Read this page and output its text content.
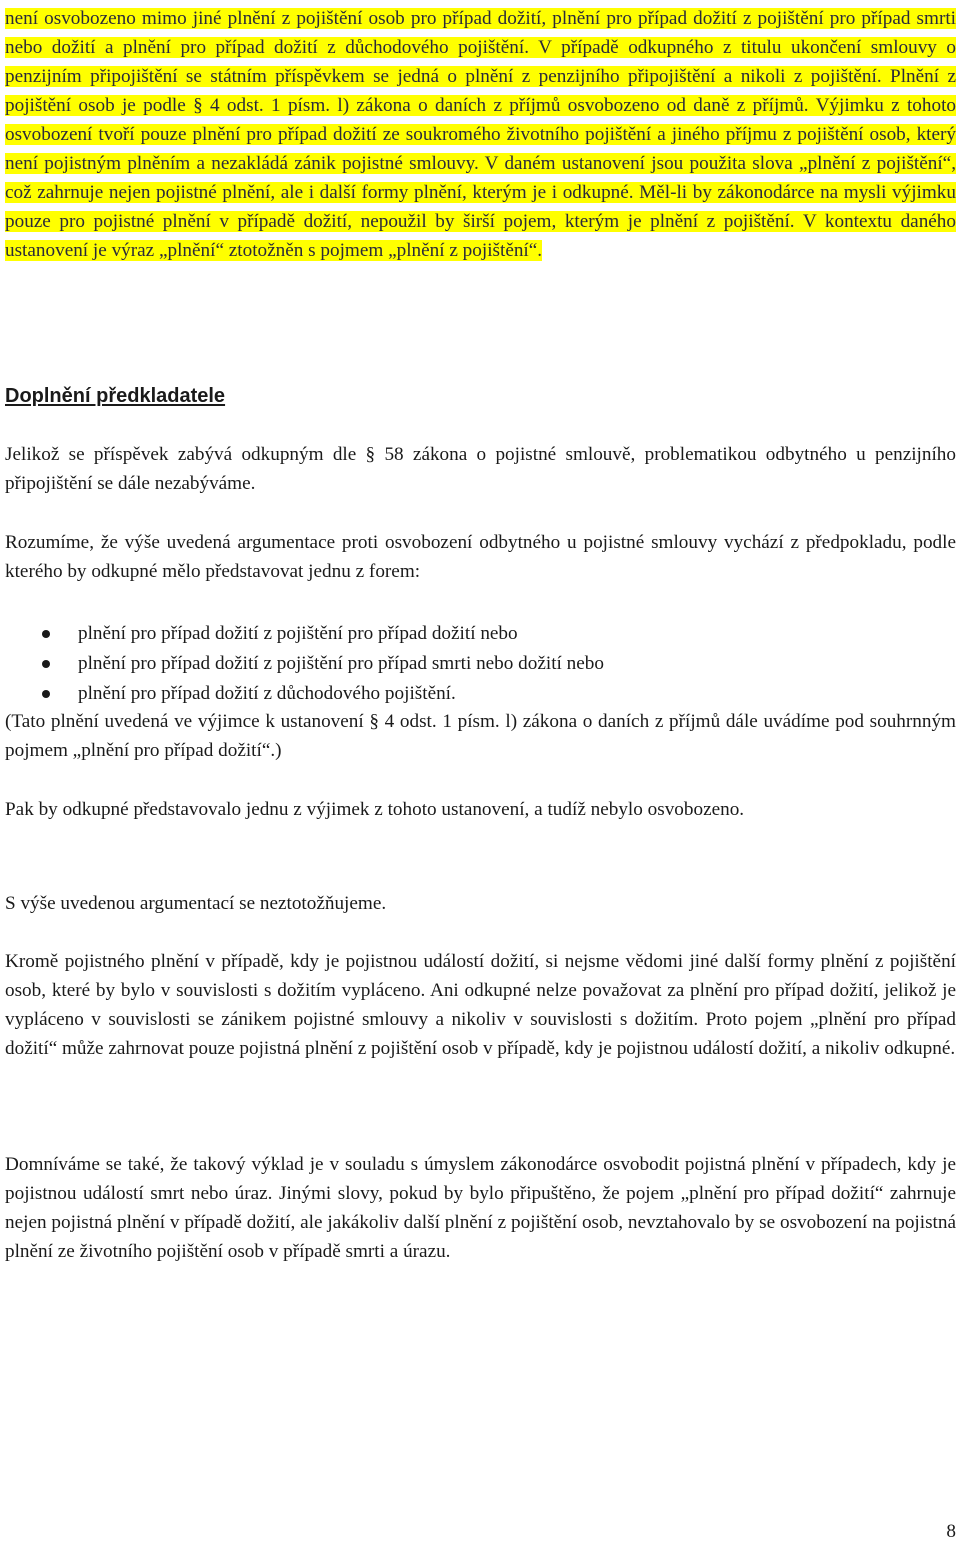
není osvobozeno mimo jiné plnění z pojištění osob pro případ dožití, plnění pro případ dožití z pojištění pro případ smrti nebo dožití a plnění pro případ dožití z důchodového pojištění. V případě odkupného z titulu ukončení smlouvy o penzijním připojištění se státním příspěvkem se jedná o plnění z penzijního připojištění a nikoli z pojištění. Plnění z pojištění osob je podle § 4 odst. 1 písm. l) zákona o daních z příjmů osvobozeno od daně z příjmů. Výjimku z tohoto osvobození tvoří pouze plnění pro případ dožití ze soukromého životního pojištění a jiného příjmu z pojištění osob, který není pojistným plněním a nezakládá zánik pojistné smlouvy. V daném ustanovení jsou použita slova „plnění z pojištění“, což zahrnuje nejen pojistné plnění, ale i další formy plnění, kterým je i odkupné. Měl-li by zákonodárce na mysli výjimku pouze pro pojistné plnění v případě dožití, nepoužil by širší pojem, kterým je plnění z pojištění. V kontextu daného ustanovení je výraz „plnění“ ztotožněn s pojmem „plnění z pojištění“.

Doplnění předkladatele

Jelikož se příspěvek zabývá odkupným dle § 58 zákona o pojistné smlouvě, problematikou odbytného u penzijního připojištění se dále nezabýváme.

Rozumíme, že výše uvedená argumentace proti osvobození odbytného u pojistné smlouvy vychází z předpokladu, podle kterého by odkupné mělo představovat jednu z forem:

plnění pro případ dožití z pojištění pro případ dožití nebo
plnění pro případ dožití z pojištění pro případ smrti nebo dožití nebo
plnění pro případ dožití z důchodového pojištění.

(Tato plnění uvedená ve výjimce k ustanovení § 4 odst. 1 písm. l) zákona o daních z příjmů dále uvádíme pod souhrnným pojmem „plnění pro případ dožití“.)

Pak by odkupné představovalo jednu z výjimek z tohoto ustanovení, a tudíž nebylo osvobozeno.

S výše uvedenou argumentací se neztotožňujeme.

Kromě pojistného plnění v případě, kdy je pojistnou událostí dožití, si nejsme vědomi jiné další formy plnění z pojištění osob, které by bylo v souvislosti s dožitím vypláceno. Ani odkupné nelze považovat za plnění pro případ dožití, jelikož je vypláceno v souvislosti se zánikem pojistné smlouvy a nikoliv v souvislosti s dožitím. Proto pojem „plnění pro případ dožití“ může zahrnovat pouze pojistná plnění z pojištění osob v případě, kdy je pojistnou událostí dožití, a nikoliv odkupné.

Domníváme se také, že takový výklad je v souladu s úmyslem zákonodárce osvobodit pojistná plnění v případech, kdy je pojistnou událostí smrt nebo úraz. Jinými slovy, pokud by bylo připuštěno, že pojem „plnění pro případ dožití“ zahrnuje nejen pojistná plnění v případě dožití, ale jakákoliv další plnění z pojištění osob, nevztahovalo by se osvobození na pojistná plnění ze životního pojištění osob v případě smrti a úrazu.

8
